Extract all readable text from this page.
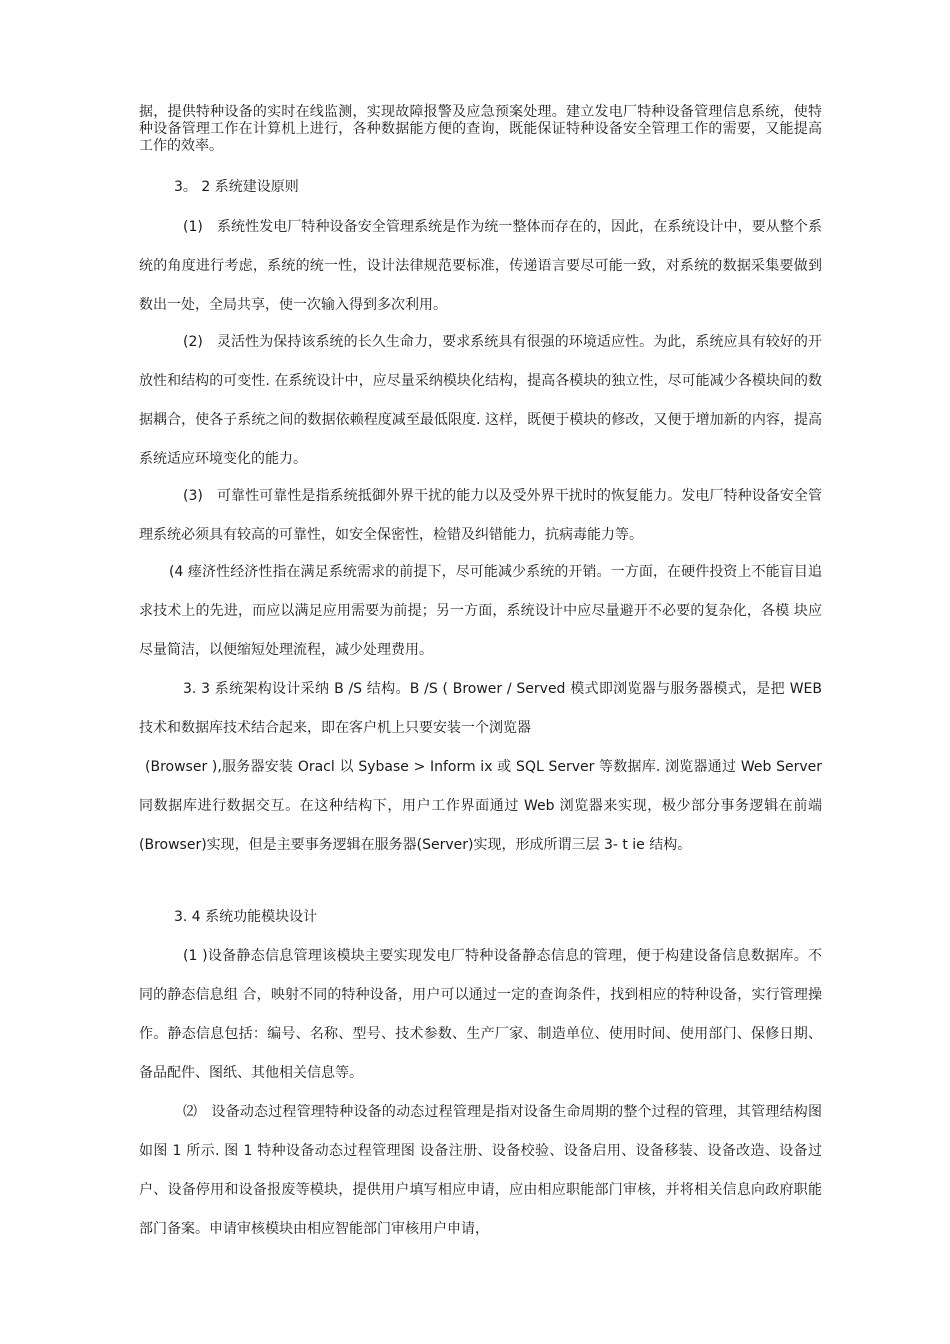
据，提供特种设备的实时在线监测，实现故障报警及应急预案处理。建立发电厂特种设备管理信息系统，使特种设备管理工作在计算机上进行，各种数据能方便的查询，既能保证特种设备安全管理工作的需要，又能提高工作的效率。

3。 2 系统建设原则

(1)　系统性发电厂特种设备安全管理系统是作为统一整体而存在的，因此，在系统设计中，要从整个系统的角度进行考虑，系统的统一性，设计法律规范要标准，传递语言要尽可能一致，对系统的数据采集要做到数出一处，全局共享，使一次输入得到多次利用。

(2)　灵活性为保持该系统的长久生命力，要求系统具有很强的环境适应性。为此，系统应具有较好的开放性和结构的可变性. 在系统设计中，应尽量采纳模块化结构，提高各模块的独立性，尽可能减少各模块间的数据耦合，使各子系统之间的数据依赖程度减至最低限度. 这样，既便于模块的修改，又便于增加新的内容，提高系统适应环境变化的能力。

(3)　可靠性可靠性是指系统抵御外界干扰的能力以及受外界干扰时的恢复能力。发电厂特种设备安全管理系统必须具有较高的可靠性，如安全保密性，检错及纠错能力，抗病毒能力等。

(4 瘗济性经济性指在满足系统需求的前提下，尽可能减少系统的开销。一方面，在硬件投资上不能盲目追求技术上的先进，而应以满足应用需要为前提；另一方面，系统设计中应尽量避开不必要的复杂化，各模 块应尽量简洁，以便缩短处理流程，减少处理费用。

3. 3 系统架构设计采纳 B /S 结构。B /S ( Brower / Served 模式即浏览器与服务器模式，是把 WEB 技术和数据库技术结合起来，即在客户机上只要安装一个浏览器

(Browser ),服务器安装 Oracl 以 Sybase > Inform ix 或 SQL Server 等数据库. 浏览器通过 Web Server 同数据库进行数据交互。在这种结构下，用户工作界面通过 Web 浏览器来实现，极少部分事务逻辑在前端(Browser)实现，但是主要事务逻辑在服务器(Server)实现，形成所谓三层 3- t ie 结构。

3. 4 系统功能模块设计

(1 )设备静态信息管理该模块主要实现发电厂特种设备静态信息的管理，便于构建设备信息数据库。不同的静态信息组 合，映射不同的特种设备，用户可以通过一定的查询条件，找到相应的特种设备，实行管理操作。静态信息包括：编号、名称、型号、技术参数、生产厂家、制造单位、使用时间、使用部门、保修日期、备品配件、图纸、其他相关信息等。

⑵　设备动态过程管理特种设备的动态过程管理是指对设备生命周期的整个过程的管理，其管理结构图如图 1 所示. 图 1 特种设备动态过程管理图 设备注册、设备校验、设备启用、设备移装、设备改造、设备过户、设备停用和设备报废等模块，提供用户填写相应申请，应由相应职能部门审核，并将相关信息向政府职能部门备案。申请审核模块由相应智能部门审核用户申请，
